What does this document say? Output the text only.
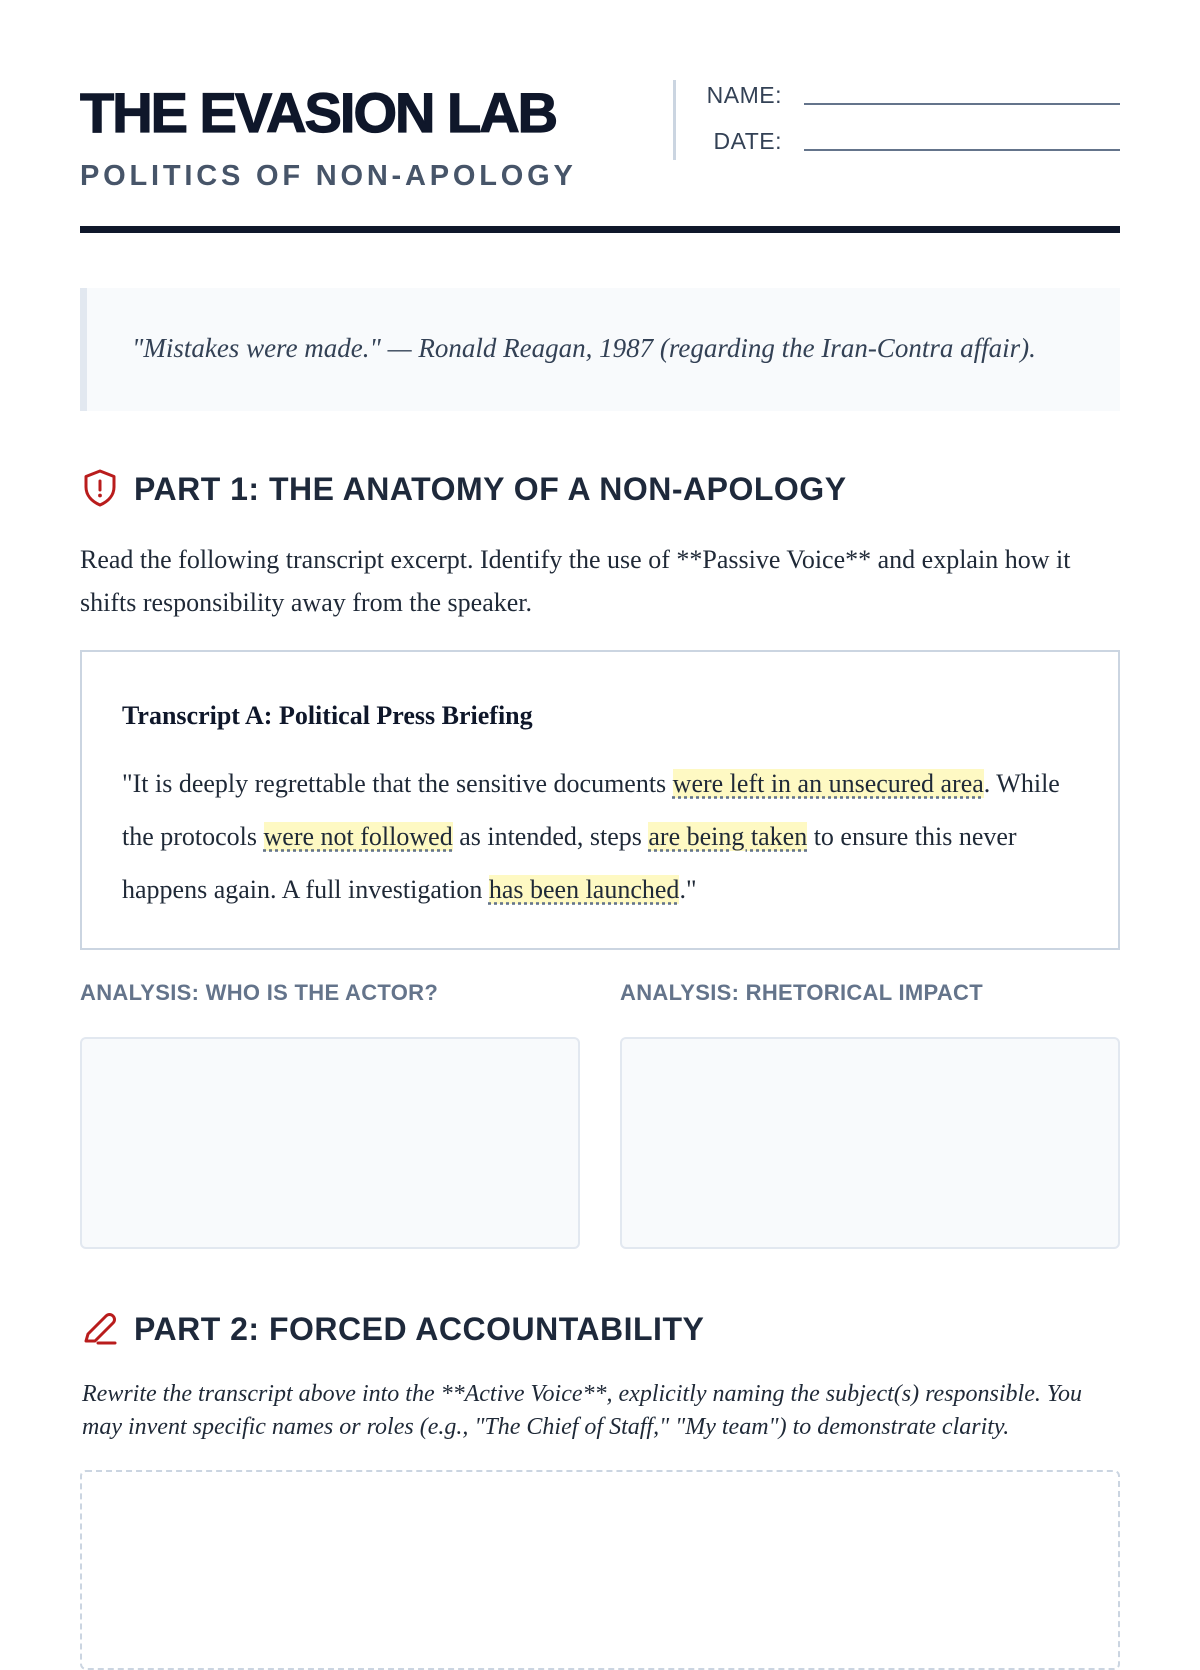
THE EVASION LAB
POLITICS OF NON-APOLOGY
NAME:
DATE:

"Mistakes were made." — Ronald Reagan, 1987 (regarding the Iran-Contra affair).

PART 1: THE ANATOMY OF A NON-APOLOGY

Read the following transcript excerpt. Identify the use of **Passive Voice** and explain how it shifts responsibility away from the speaker.

Transcript A: Political Press Briefing

"It is deeply regrettable that the sensitive documents were left in an unsecured area. While the protocols were not followed as intended, steps are being taken to ensure this never happens again. A full investigation has been launched."

ANALYSIS: WHO IS THE ACTOR?	ANALYSIS: RHETORICAL IMPACT
PART 2: FORCED ACCOUNTABILITY

Rewrite the transcript above into the **Active Voice**, explicitly naming the subject(s) responsible. You may invent specific names or roles (e.g., "The Chief of Staff," "My team") to demonstrate clarity.
